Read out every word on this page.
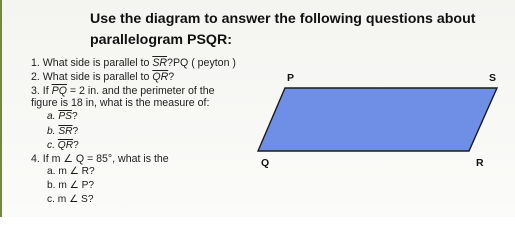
Use the diagram to answer the following questions about
parallelogram PSQR:
1. What side is parallel to $\overline{SR}?PQ$ ( peyton )
2. What side is parallel to $\overline{QR}$?
3. If $\overline{PQ} = 2$ in. and the perimeter of the
figure is 18 in, what is the measure of:
a. $\overline{PS}$?
b. $\overline{SR}$?
c. $\overline{QR}$?
4. If m ∠ Q = 85°, what is the
a. m ∠ R?
b. m ∠ P?
c. m ∠ S?
P	S
Q	R
